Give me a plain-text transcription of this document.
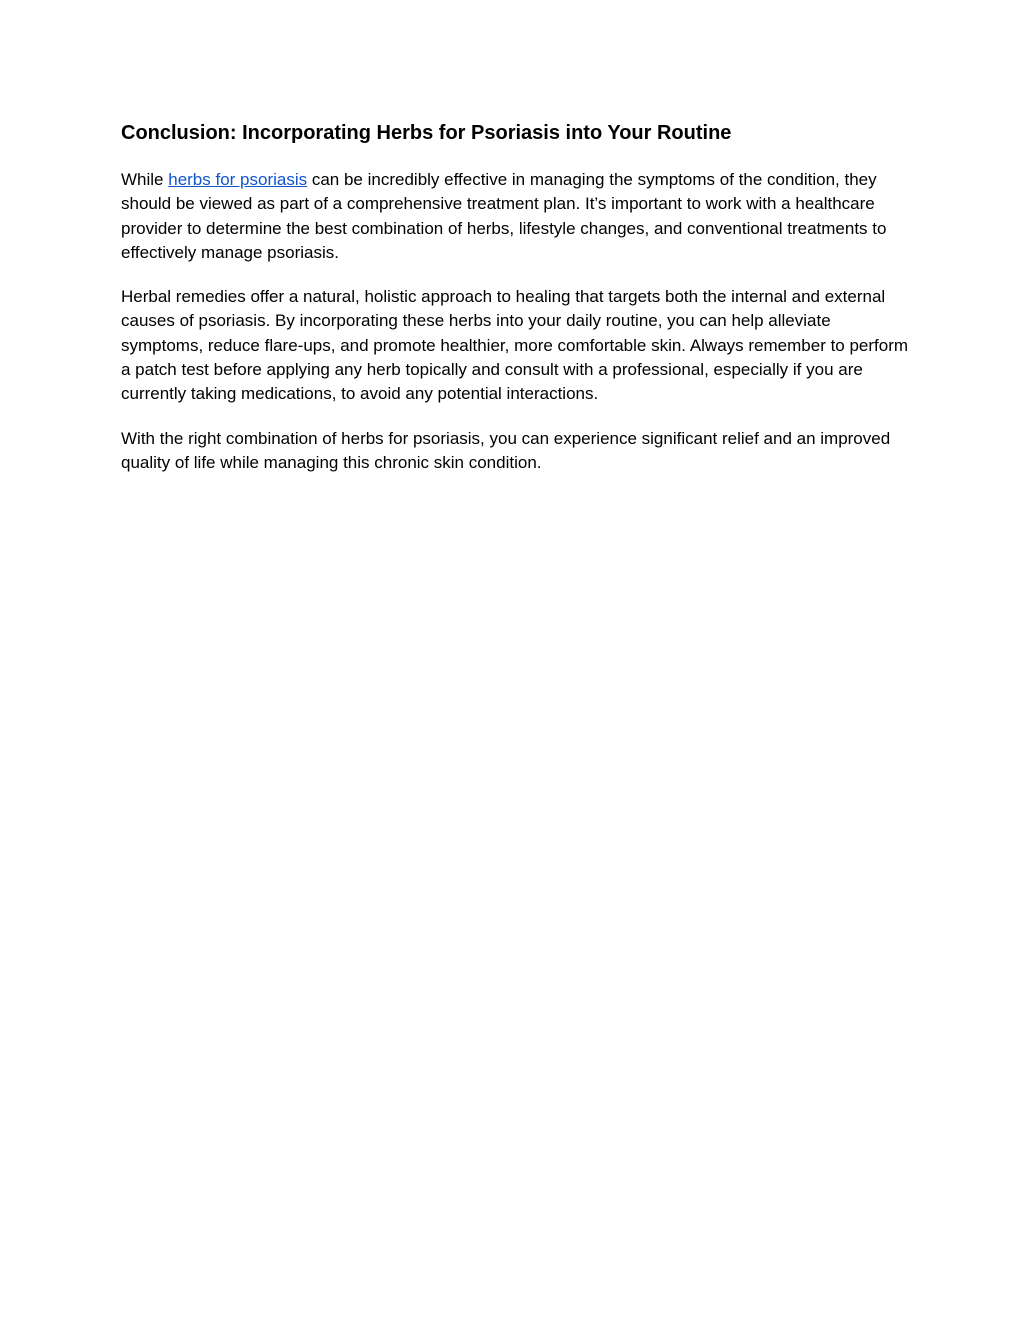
Conclusion: Incorporating Herbs for Psoriasis into Your Routine

While herbs for psoriasis can be incredibly effective in managing the symptoms of the condition, they should be viewed as part of a comprehensive treatment plan. It’s important to work with a healthcare provider to determine the best combination of herbs, lifestyle changes, and conventional treatments to effectively manage psoriasis.

Herbal remedies offer a natural, holistic approach to healing that targets both the internal and external causes of psoriasis. By incorporating these herbs into your daily routine, you can help alleviate symptoms, reduce flare-ups, and promote healthier, more comfortable skin. Always remember to perform a patch test before applying any herb topically and consult with a professional, especially if you are currently taking medications, to avoid any potential interactions.

With the right combination of herbs for psoriasis, you can experience significant relief and an improved quality of life while managing this chronic skin condition.
